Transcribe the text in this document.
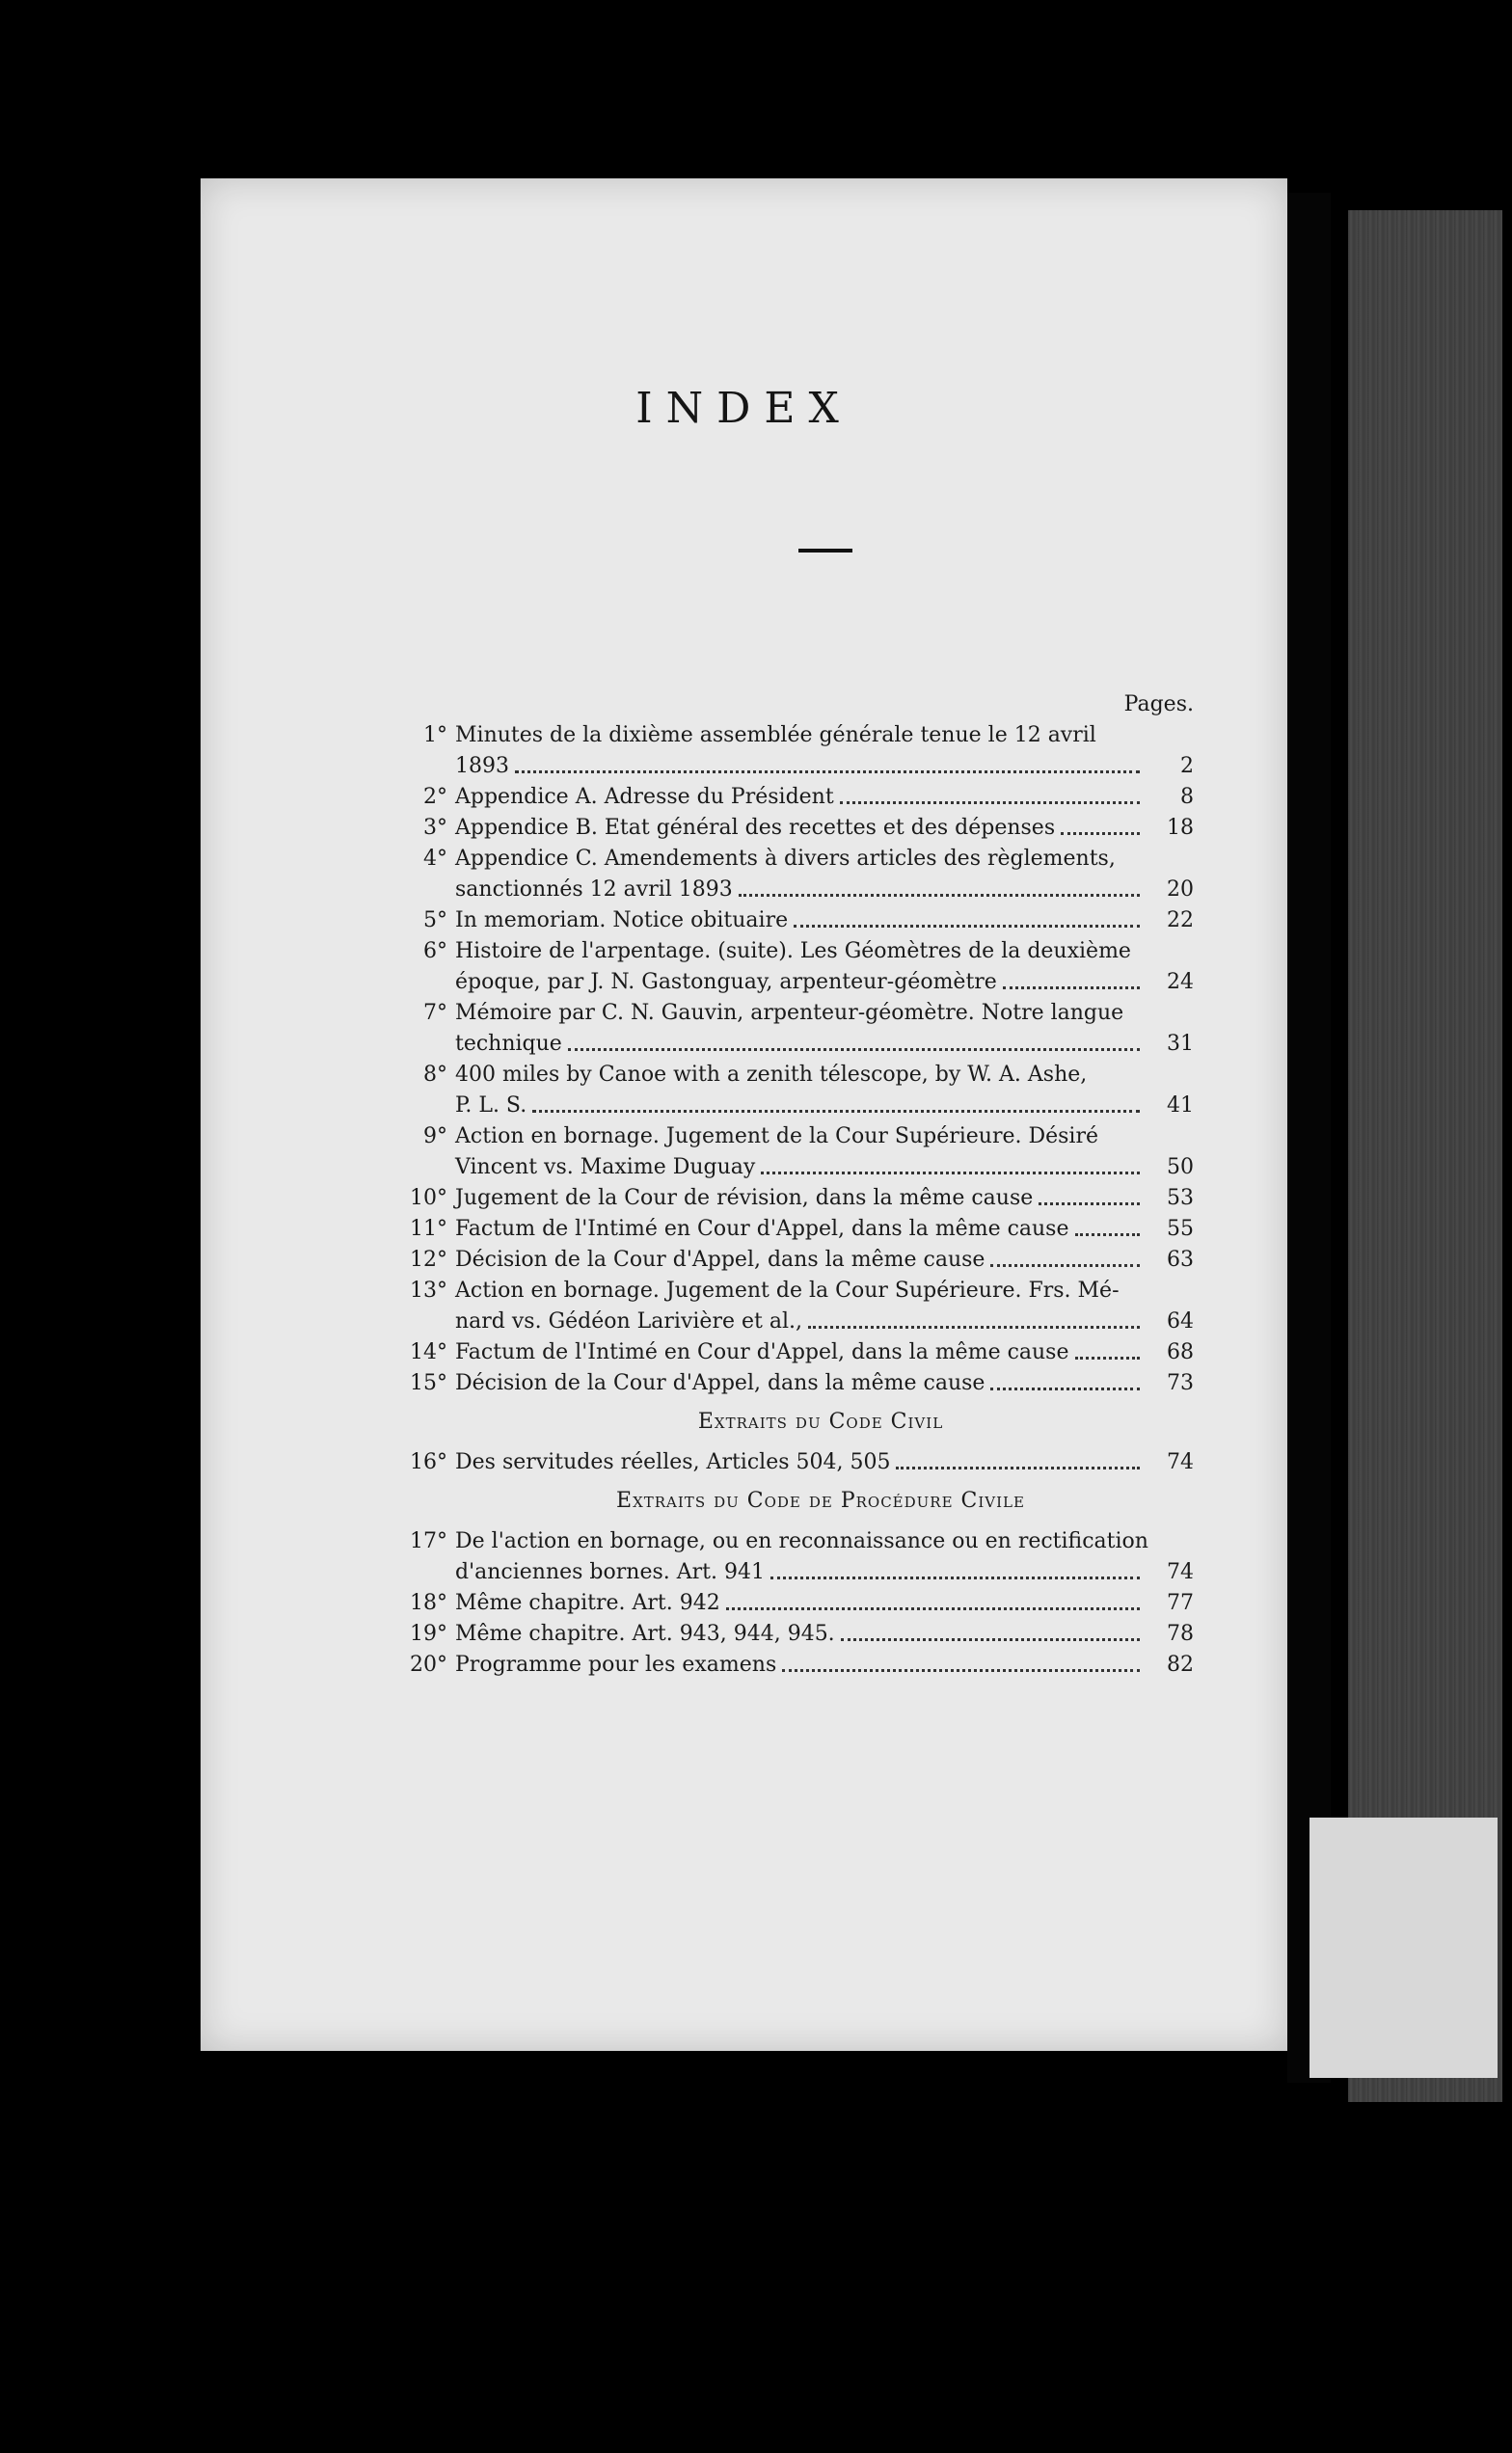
INDEX
Pages.
1° Minutes de la dixième assemblée générale tenue le 12 avril
1893	2
2° Appendice A. Adresse du Président	8
3° Appendice B. Etat général des recettes et des dépenses	18
4° Appendice C. Amendements à divers articles des règlements,
sanctionnés 12 avril 1893	20
5° In memoriam. Notice obituaire	22
6° Histoire de l'arpentage. (suite). Les Géomètres de la deuxième
époque, par J. N. Gastonguay, arpenteur-géomètre	24
7° Mémoire par C. N. Gauvin, arpenteur-géomètre. Notre langue
technique	31
8° 400 miles by Canoe with a zenith télescope, by W. A. Ashe,
P. L. S.	41
9° Action en bornage. Jugement de la Cour Supérieure. Désiré
Vincent vs. Maxime Duguay	50
10° Jugement de la Cour de révision, dans la même cause	53
11° Factum de l'Intimé en Cour d'Appel, dans la même cause	55
12° Décision de la Cour d'Appel, dans la même cause	63
13° Action en bornage. Jugement de la Cour Supérieure. Frs. Mé-
nard vs. Gédéon Larivière et al.,	64
14° Factum de l'Intimé en Cour d'Appel, dans la même cause	68
15° Décision de la Cour d'Appel, dans la même cause	73
Extraits du Code Civil
16° Des servitudes réelles, Articles 504, 505	74
Extraits du Code de Procédure Civile
17° De l'action en bornage, ou en reconnaissance ou en rectification
d'anciennes bornes. Art. 941	74
18° Même chapitre. Art. 942	77
19° Même chapitre. Art. 943, 944, 945.	78
20° Programme pour les examens	82
